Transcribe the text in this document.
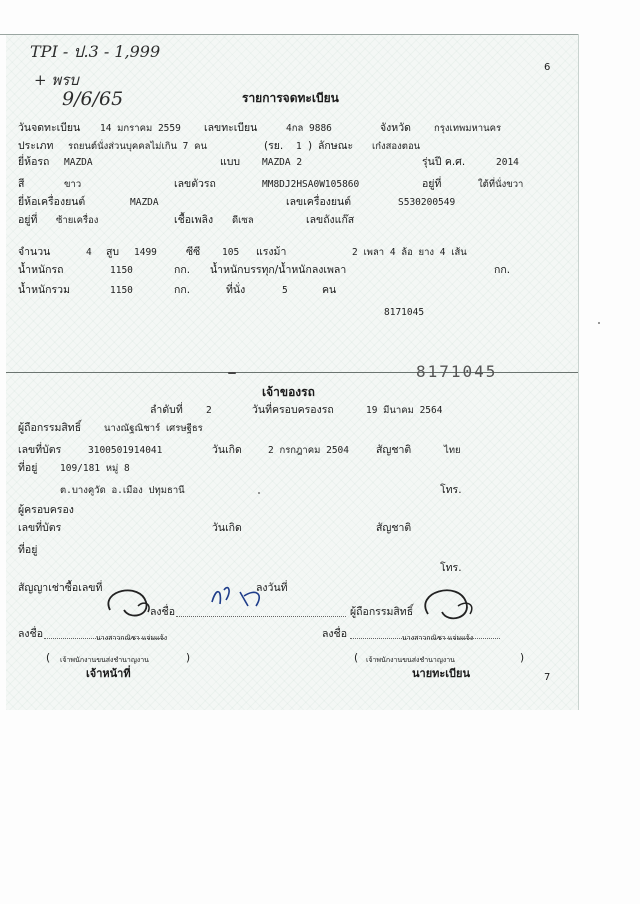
TPI - ป.3 - 1,999
+ พรบ
9/6/65
6
7
รายการจดทะเบียน
วันจดทะเบียน 14 มกราคม 2559 เลขทะเบียน	4กล 9886	จังหวัด กรุงเทพมหานคร
ประเภท รถยนต์นั่งส่วนบุคคลไม่เกิน 7 คน	(รย. 1 ) ลักษณะ เก๋งสองตอน
ยี่ห้อรถ MAZDA	แบบ MAZDA 2	รุ่นปี ค.ศ.	2014
สี	ขาว	เลขตัวรถ	MM8DJ2HSA0W105860	อยู่ที่	ใต้ที่นั่งขวา
ยี่ห้อเครื่องยนต์	MAZDA	เลขเครื่องยนต์	S530200549
อยู่ที่ ซ้ายเครื่อง	เชื้อเพลิง ดีเซล	เลขถังแก๊ส
จำนวน	4 สูบ 1499	ซีซี 105 แรงม้า	2 เพลา 4 ล้อ ยาง 4 เส้น
น้ำหนักรถ	1150	กก. น้ำหนักบรรทุก/น้ำหนักลงเพลา	กก.
น้ำหนักรวม	1150	กก.	ที่นั่ง	5	คน
8171045
8171045
เจ้าของรถ
ลำดับที่ 2	วันที่ครอบครองรถ	19 มีนาคม 2564
ผู้ถือกรรมสิทธิ์ นางณัฐณิชาร์ เศรษฐีธร
เลขที่บัตร	3100501914041	วันเกิด	2 กรกฎาคม 2504	สัญชาติ	ไทย
ที่อยู่ 109/181 หมู่ 8
ต.บางคูวัด อ.เมือง ปทุมธานี	โทร.
ผู้ครอบครอง
เลขที่บัตร	วันเกิด	สัญชาติ
ที่อยู่
โทร.
สัญญาเช่าซื้อเลขที่	ลงวันที่
ลงชื่อ	ผู้ถือกรรมสิทธิ์
ลงชื่อ	นางสาวกณิชา แจ่มแจ้ง
เจ้าพนักงานขนส่งชำนาญงาน
(	)
เจ้าหน้าที่
ลงชื่อ	นางสาวกณิชา แจ่มแจ้ง
เจ้าพนักงานขนส่งชำนาญงาน
(	)
นายทะเบียน
